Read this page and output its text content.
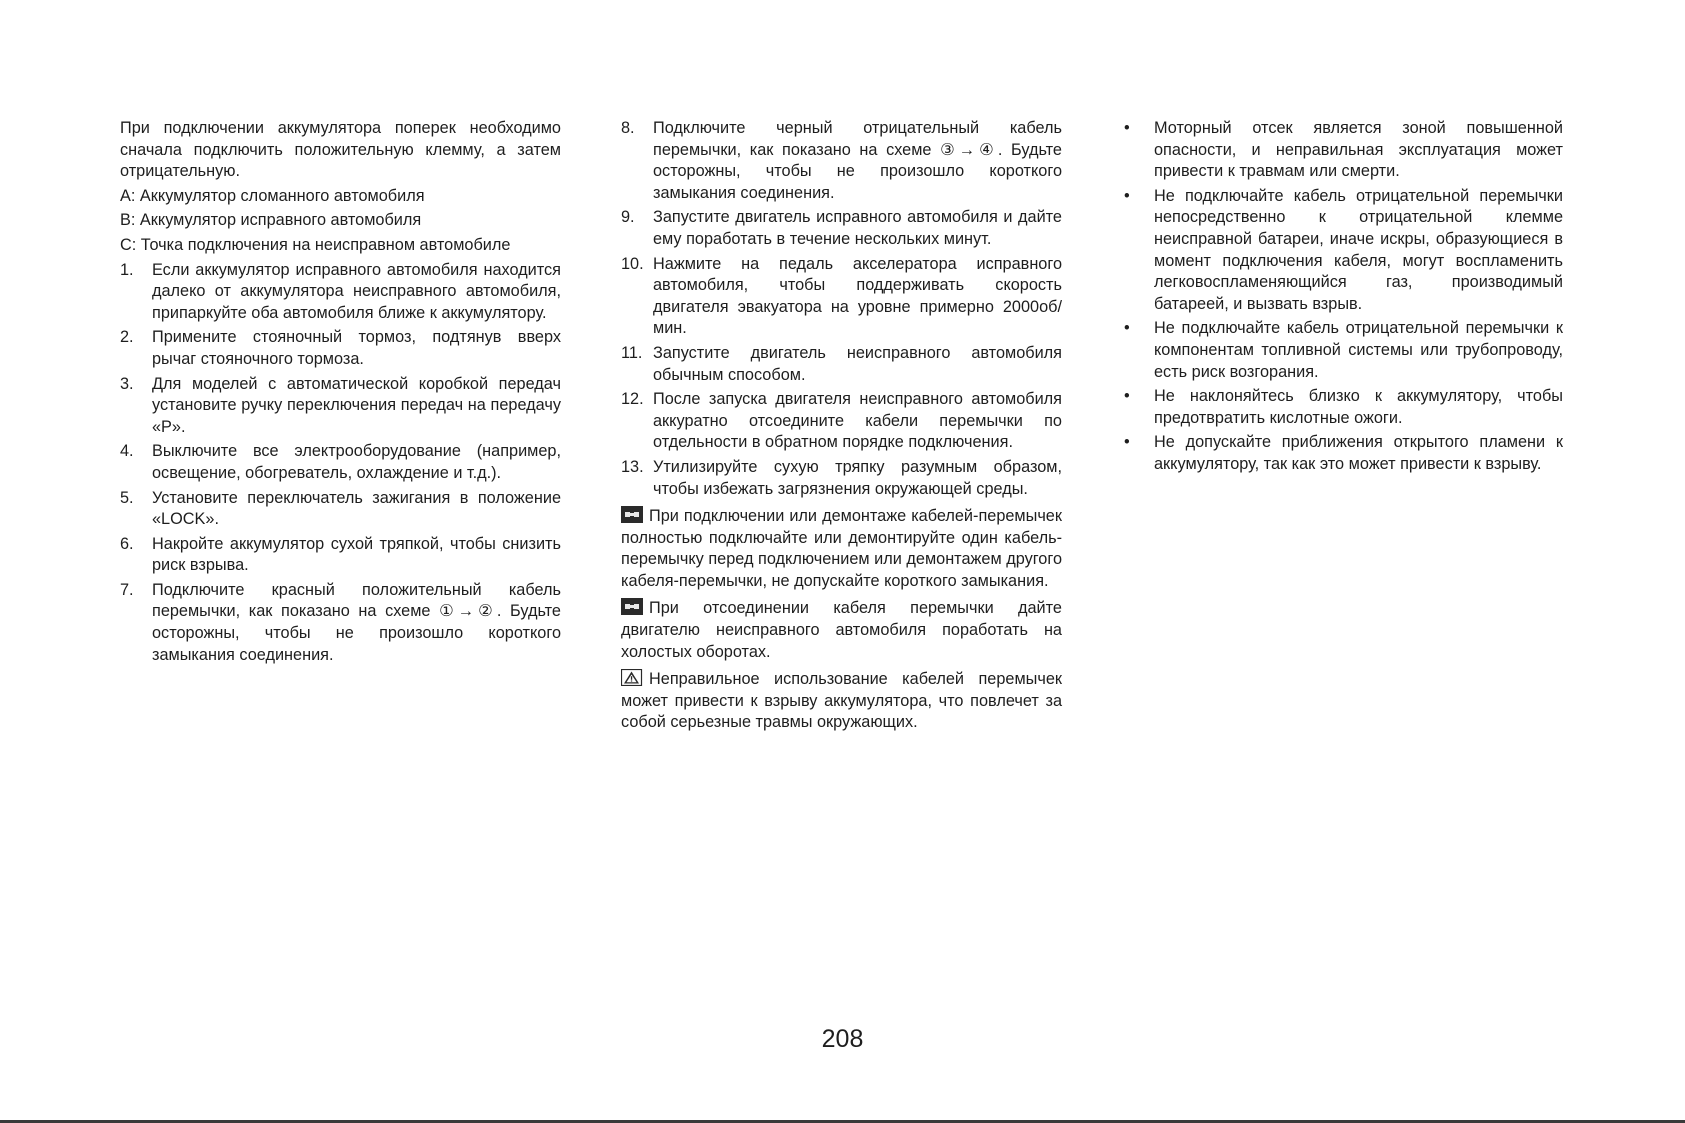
При подключении аккумулятора поперек необходимо сначала подключить положительную клемму, а затем отрицательную.

A: Аккумулятор сломанного автомобиля

B: Аккумулятор исправного автомобиля

C: Точка подключения на неисправном автомобиле

1.	Если аккумулятор исправного автомобиля находится далеко от аккумулятора неисправного автомобиля, припаркуйте оба автомобиля ближе к аккумулятору.
2.	Примените стояночный тормоз, подтянув вверх рычаг стояночного тормоза.
3.	Для моделей с автоматической коробкой передач установите ручку переключения передач на передачу «P».
4.	Выключите все электрооборудование (например, освещение, обогреватель, охлаждение и т.д.).
5.	Установите переключатель зажигания в положение «LOCK».
6.	Накройте аккумулятор сухой тряпкой, чтобы снизить риск взрыва.
7.	Подключите красный положительный кабель перемычки, как показано на схеме ①→②. Будьте осторожны, чтобы не произошло короткого замыкания соединения.
8.	Подключите черный отрицательный кабель перемычки, как показано на схеме ③→④. Будьте осторожны, чтобы не произошло короткого замыкания соединения.
9.	Запустите двигатель исправного автомобиля и дайте ему поработать в течение нескольких минут.
10. Нажмите на педаль акселератора исправного автомобиля, чтобы поддерживать скорость двигателя эвакуатора на уровне примерно 2000об/мин.
11. Запустите двигатель неисправного автомобиля обычным способом.
12. После запуска двигателя неисправного автомобиля аккуратно отсоедините кабели перемычки по отдельности в обратном порядке подключения.
13. Утилизируйте сухую тряпку разумным образом, чтобы избежать загрязнения окружающей среды.

При подключении или демонтаже кабелей-перемычек полностью подключайте или демонтируйте один кабель-перемычку перед подключением или демонтажем другого кабеля-перемычки, не допускайте короткого замыкания.

При отсоединении кабеля перемычки дайте двигателю неисправного автомобиля поработать на холостых оборотах.

Неправильное использование кабелей перемычек может привести к взрыву аккумулятора, что повлечет за собой серьезные травмы окружающих.

•	Моторный отсек является зоной повышенной опасности, и неправильная эксплуатация может привести к травмам или смерти.
•	Не подключайте кабель отрицательной перемычки непосредственно к отрицательной клемме неисправной батареи, иначе искры, образующиеся в момент подключения кабеля, могут воспламенить легковоспламеняющийся газ, производимый батареей, и вызвать взрыв.
•	Не подключайте кабель отрицательной перемычки к компонентам топливной системы или трубопроводу, есть риск возгорания.
•	Не наклоняйтесь близко к аккумулятору, чтобы предотвратить кислотные ожоги.
•	Не допускайте приближения открытого пламени к аккумулятору, так как это может привести к взрыву.
208
